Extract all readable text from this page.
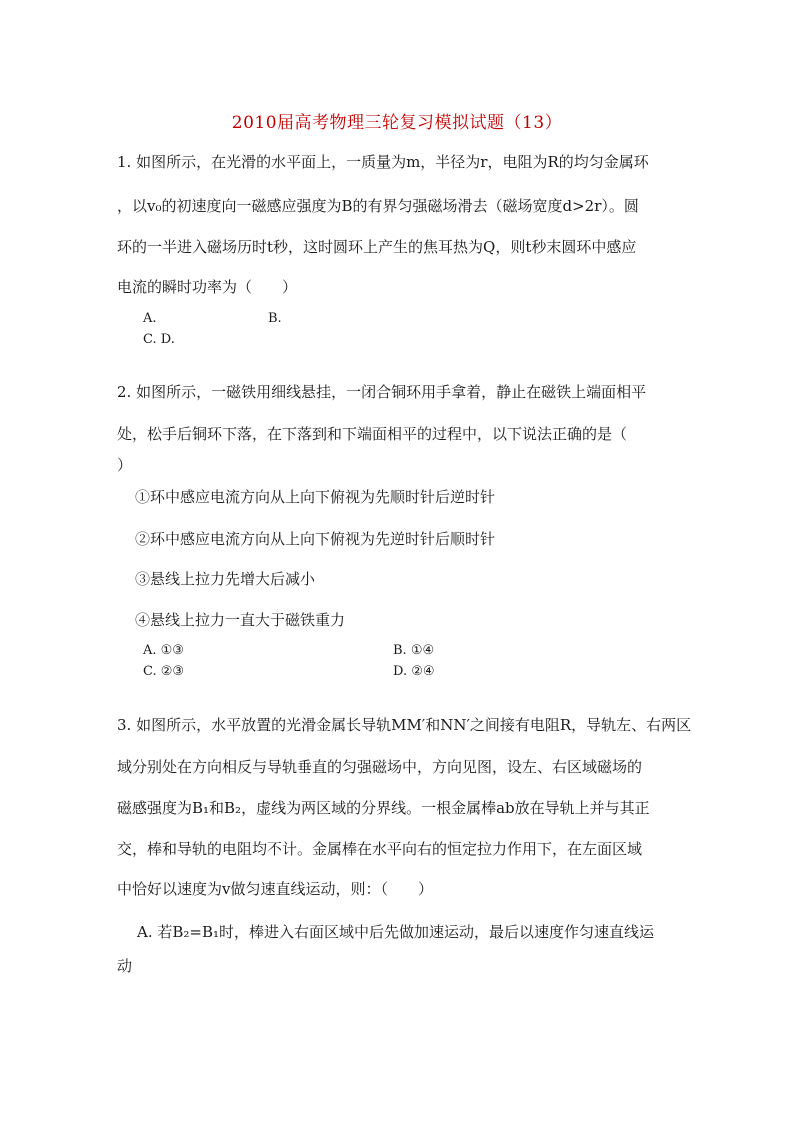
2010届高考物理三轮复习模拟试题（13）
1. 如图所示，在光滑的水平面上，一质量为m，半径为r，电阻为R的均匀金属环
，以v₀的初速度向一磁感应强度为B的有界匀强磁场滑去（磁场宽度d>2r）。圆
环的一半进入磁场历时t秒，这时圆环上产生的焦耳热为Q，则t秒末圆环中感应
电流的瞬时功率为（　　）
A.	B.
C. D.
2. 如图所示，一磁铁用细线悬挂，一闭合铜环用手拿着，静止在磁铁上端面相平
处，松手后铜环下落，在下落到和下端面相平的过程中，以下说法正确的是（
）
①环中感应电流方向从上向下俯视为先顺时针后逆时针
②环中感应电流方向从上向下俯视为先逆时针后顺时针
③悬线上拉力先增大后减小
④悬线上拉力一直大于磁铁重力
A. ①③	B. ①④
C. ②③	D. ②④
3. 如图所示，水平放置的光滑金属长导轨MM′和NN′之间接有电阻R，导轨左、右两区
域分别处在方向相反与导轨垂直的匀强磁场中，方向见图，设左、右区域磁场的
磁感强度为B₁和B₂，虚线为两区域的分界线。一根金属棒ab放在导轨上并与其正
交，棒和导轨的电阻均不计。金属棒在水平向右的恒定拉力作用下，在左面区域
中恰好以速度为v做匀速直线运动，则：（　　）
A. 若B₂=B₁时，棒进入右面区域中后先做加速运动，最后以速度作匀速直线运
动
